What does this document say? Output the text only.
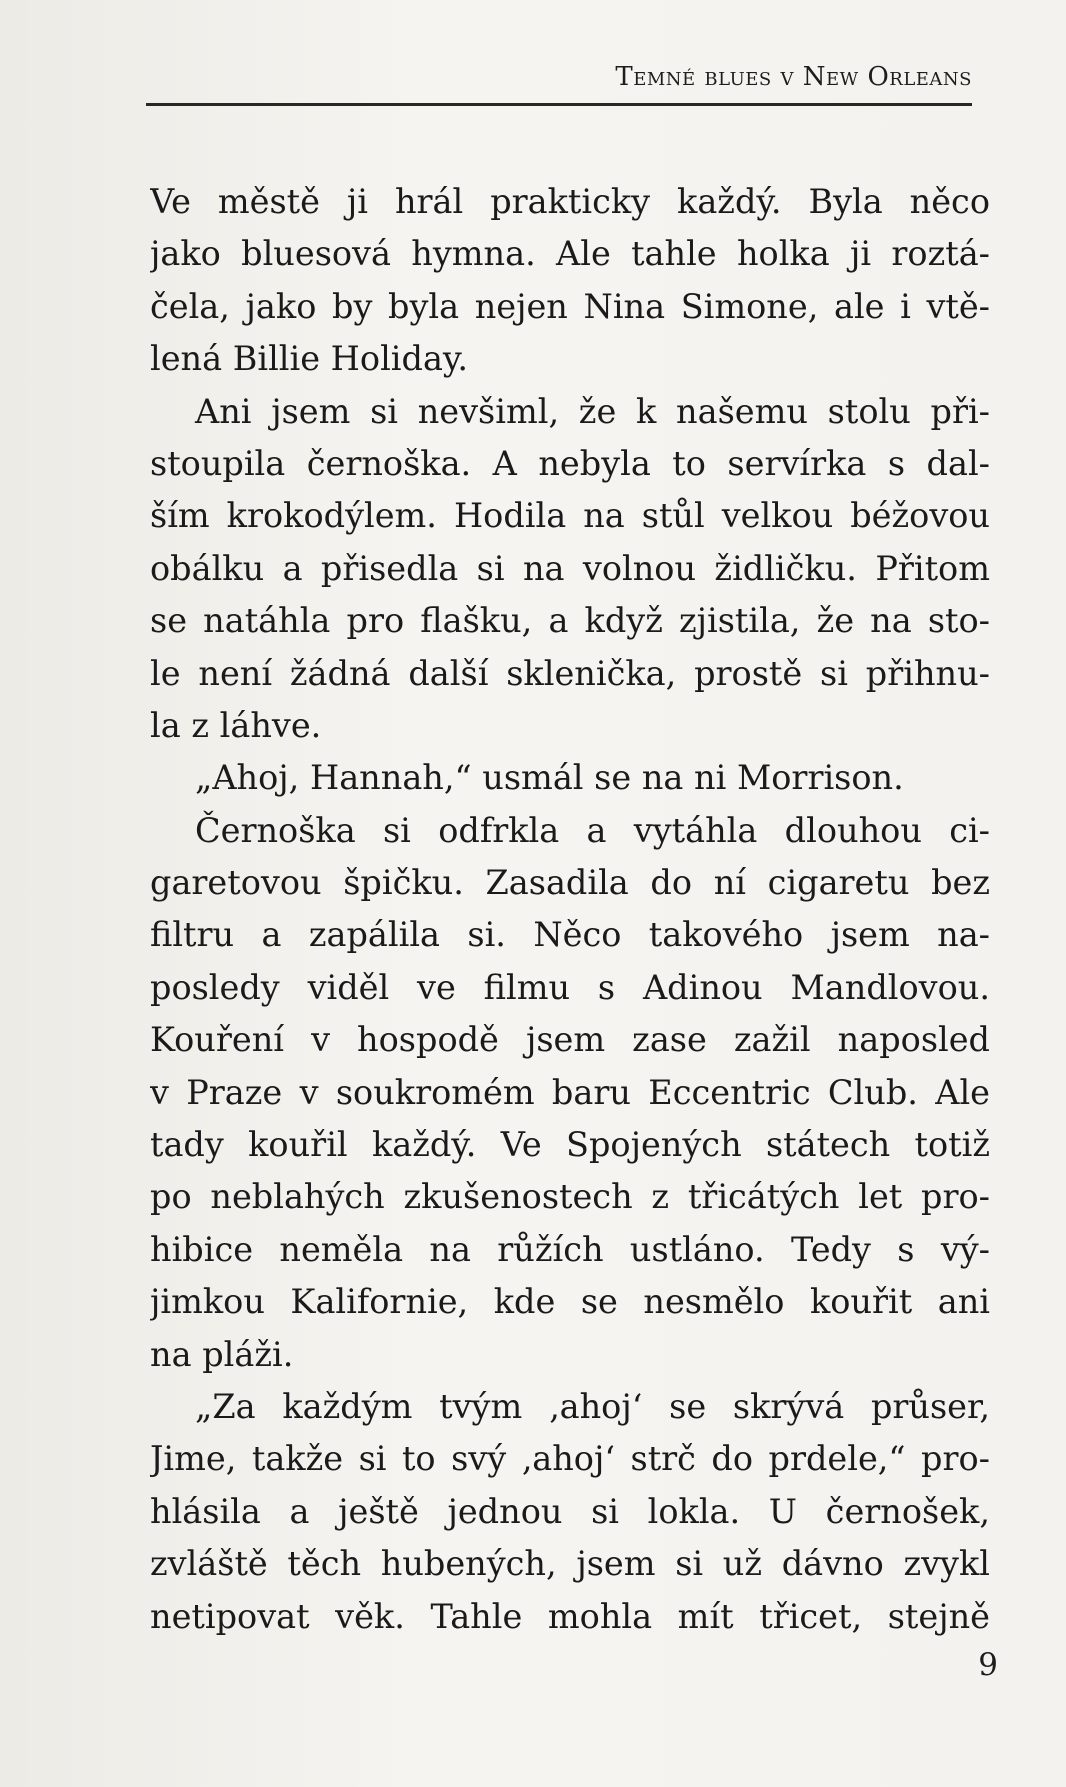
Temné blues v New Orleans
Ve městě ji hrál prakticky každý. Byla něco
jako bluesová hymna. Ale tahle holka ji roztá-
čela, jako by byla nejen Nina Simone, ale i vtě-
lená Billie Holiday.
Ani jsem si nevšiml, že k našemu stolu při-
stoupila černoška. A nebyla to servírka s dal-
ším krokodýlem. Hodila na stůl velkou béžovou
obálku a přisedla si na volnou židličku. Přitom
se natáhla pro flašku, a když zjistila, že na sto-
le není žádná další sklenička, prostě si přihnu-
la z láhve.
„Ahoj, Hannah,“ usmál se na ni Morrison.
Černoška si odfrkla a vytáhla dlouhou ci-
garetovou špičku. Zasadila do ní cigaretu bez
filtru a zapálila si. Něco takového jsem na-
posledy viděl ve filmu s Adinou Mandlovou.
Kouření v hospodě jsem zase zažil naposled
v Praze v soukromém baru Eccentric Club. Ale
tady kouřil každý. Ve Spojených státech totiž
po neblahých zkušenostech z třicátých let pro-
hibice neměla na růžích ustláno. Tedy s vý-
jimkou Kalifornie, kde se nesmělo kouřit ani
na pláži.
„Za každým tvým ‚ahoj‘ se skrývá průser,
Jime, takže si to svý ‚ahoj‘ strč do prdele,“ pro-
hlásila a ještě jednou si lokla. U černošek,
zvláště těch hubených, jsem si už dávno zvykl
netipovat věk. Tahle mohla mít třicet, stejně
9
